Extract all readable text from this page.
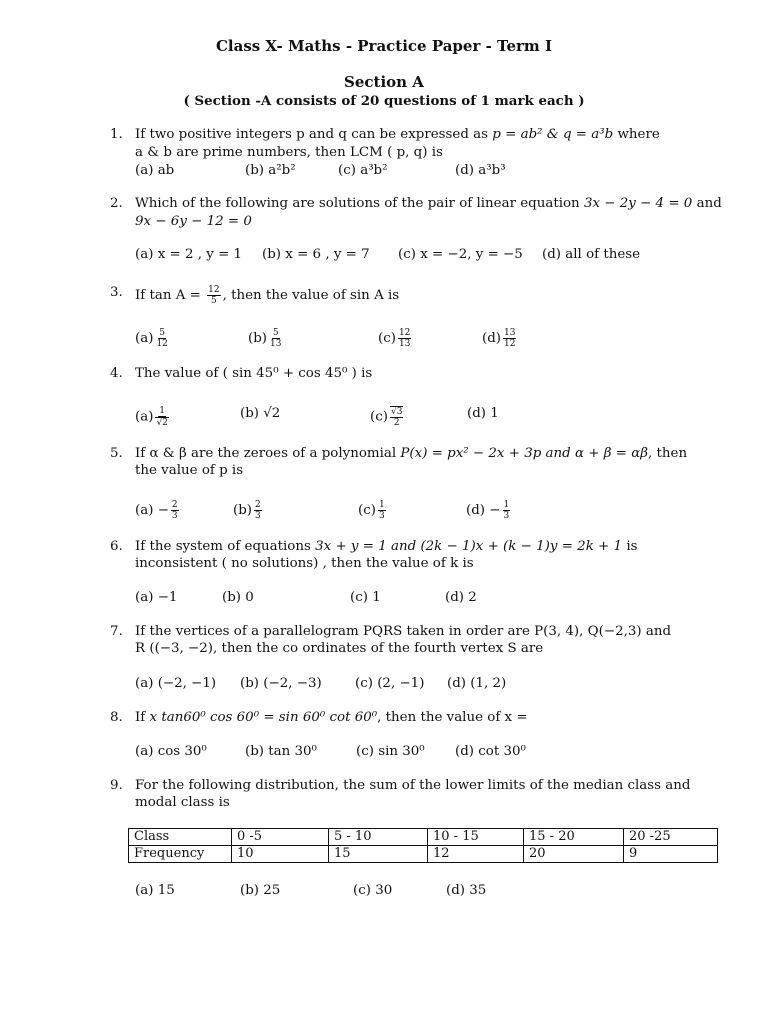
Class X- Maths - Practice Paper - Term I
Section A
( Section -A consists of 20 questions of 1 mark each )
1. If two positive integers p and q can be expressed as p = ab² & q = a³b where
a & b are prime numbers, then LCM ( p, q) is
(a) ab	(b) a²b²	(c) a³b²	(d) a³b³
2. Which of the following are solutions of the pair of linear equation 3x − 2y − 4 = 0 and
9x − 6y − 12 = 0
(a) x = 2 , y = 1 (b) x = 6 , y = 7 (c) x = −2, y = −5 (d) all of these
3. If $\tan A = \frac{12}{5}$ , then the value of sin A is
$(a) \frac{5}{12}$	$(b) \frac{5}{13}$	$(c) \frac{12}{13}$	$(d) \frac{13}{12}$
4. The value of ( sin 45⁰ + cos 45⁰ ) is
$(a) \frac{1}{√2}$	(b) √2	$(c) \frac{√3}{2}$	(d) 1
5. If α & β are the zeroes of a polynomial P(x) = px² − 2x + 3p and α + β = αβ, then
the value of p is
$(a) - \frac{2}{3}$	$(b) \frac{2}{3}$	$(c) \frac{1}{3}$	$(d) - \frac{1}{3}$
6. If the system of equations 3x + y = 1 and (2k − 1)x + (k − 1)y = 2k + 1 is
inconsistent ( no solutions) , then the value of k is
(a) −1	(b) 0	(c) 1	(d) 2
7. If the vertices of a parallelogram PQRS taken in order are P(3, 4), Q(−2,3) and
R ((−3, −2), then the co ordinates of the fourth vertex S are
(a) (−2, −1) (b) (−2, −3) (c) (2, −1) (d) (1, 2)
8. If x tan60⁰ cos 60⁰ = sin 60⁰ cot 60⁰, then the value of x =
(a) cos 30⁰	(b) tan 30⁰	(c) sin 30⁰ (d) cot 30⁰
9. For the following distribution, the sum of the lower limits of the median class and
modal class is
Class	0 -5	5 - 10	10 - 15	15 - 20	20 -25
Frequency	10	15	12	20	9
(a) 15	(b) 25	(c) 30	(d) 35
